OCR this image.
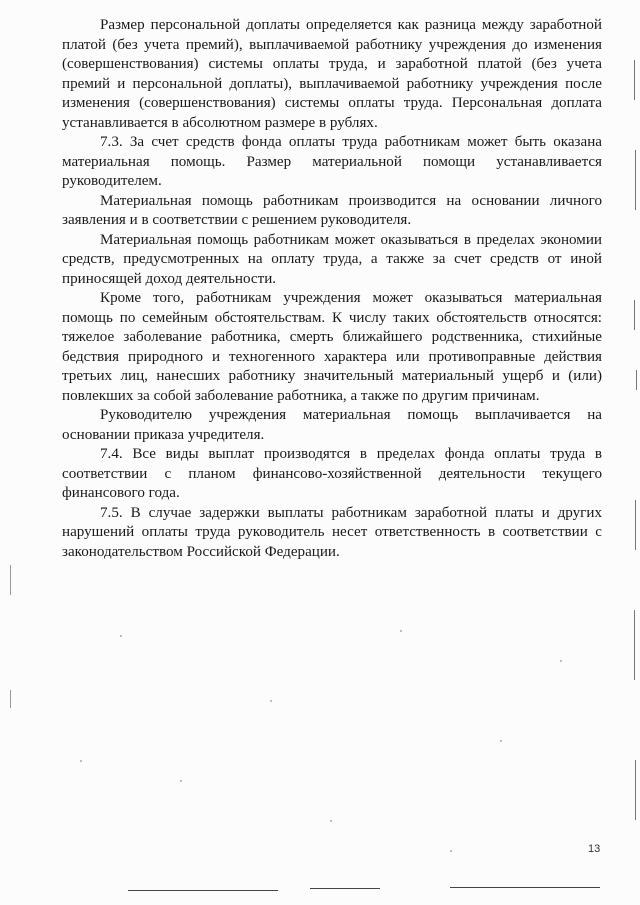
Размер персональной доплаты определяется как разница между заработной платой (без учета премий), выплачиваемой работнику учреждения до изменения (совершенствования) системы оплаты труда, и заработной платой (без учета премий и персональной доплаты), выплачиваемой работнику учреждения после изменения (совершенствования) системы оплаты труда. Персональная доплата устанавливается в абсолютном размере в рублях.

7.3. За счет средств фонда оплаты труда работникам может быть оказана материальная помощь. Размер материальной помощи устанавливается руководителем.

Материальная помощь работникам производится на основании личного заявления и в соответствии с решением руководителя.

Материальная помощь работникам может оказываться в пределах экономии средств, предусмотренных на оплату труда, а также за счет средств от иной приносящей доход деятельности.

Кроме того, работникам учреждения может оказываться материальная помощь по семейным обстоятельствам. К числу таких обстоятельств относятся: тяжелое заболевание работника, смерть ближайшего родственника, стихийные бедствия природного и техногенного характера или противоправные действия третьих лиц, нанесших работнику значительный материальный ущерб и (или) повлекших за собой заболевание работника, а также по другим причинам.

Руководителю учреждения материальная помощь выплачивается на основании приказа учредителя.

7.4. Все виды выплат производятся в пределах фонда оплаты труда в соответствии с планом финансово-хозяйственной деятельности текущего финансового года.

7.5. В случае задержки выплаты работникам заработной платы и других нарушений оплаты труда руководитель несет ответственность в соответствии с законодательством Российской Федерации.

13
